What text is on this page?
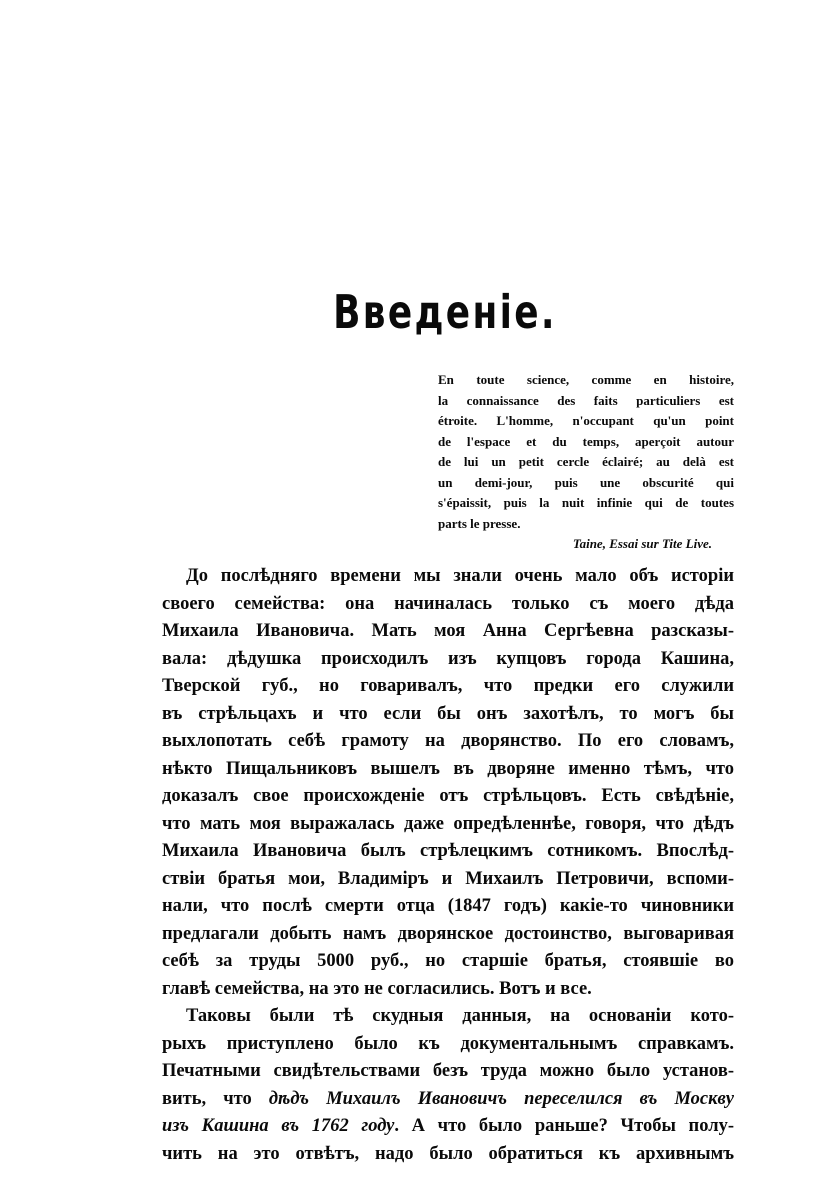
Введеніе.
En toute science, comme en histoire,
la connaissance des faits particuliers est
étroite. L'homme, n'occupant qu'un point
de l'espace et du temps, aperçoit autour
de lui un petit cercle éclairé; au delà est
un demi-jour, puis une obscurité qui
s'épaissit, puis la nuit infinie qui de toutes
parts le presse.
Taine, Essai sur Tite Live.
До послѣдняго времени мы знали очень мало объ исторіи
своего семейства: она начиналась только съ моего дѣда
Михаила Ивановича. Мать моя Анна Сергѣевна разсказы-
вала: дѣдушка происходилъ изъ купцовъ города Кашина,
Тверской губ., но говаривалъ, что предки его служили
въ стрѣльцахъ и что если бы онъ захотѣлъ, то могъ бы
выхлопотать себѣ грамоту на дворянство. По его словамъ,
нѣкто Пищальниковъ вышелъ въ дворяне именно тѣмъ, что
доказалъ свое происхожденіе отъ стрѣльцовъ. Есть свѣдѣніе,
что мать моя выражалась даже опредѣленнѣе, говоря, что дѣдъ
Михаила Ивановича былъ стрѣлецкимъ сотникомъ. Впослѣд-
ствіи братья мои, Владиміръ и Михаилъ Петровичи, вспоми-
нали, что послѣ смерти отца (1847 годъ) какіе-то чиновники
предлагали добыть намъ дворянское достоинство, выговаривая
себѣ за труды 5000 руб., но старшіе братья, стоявшіе во
главѣ семейства, на это не согласились. Вотъ и все.
Таковы были тѣ скудныя данныя, на основаніи кото-
рыхъ приступлено было къ документальнымъ справкамъ.
Печатными свидѣтельствами безъ труда можно было установ-
вить, что дѣдъ Михаилъ Ивановичъ переселился въ Москву
изъ Кашина въ 1762 году. А что было раньше? Чтобы полу-
чить на это отвѣтъ, надо было обратиться къ архивнымъ
